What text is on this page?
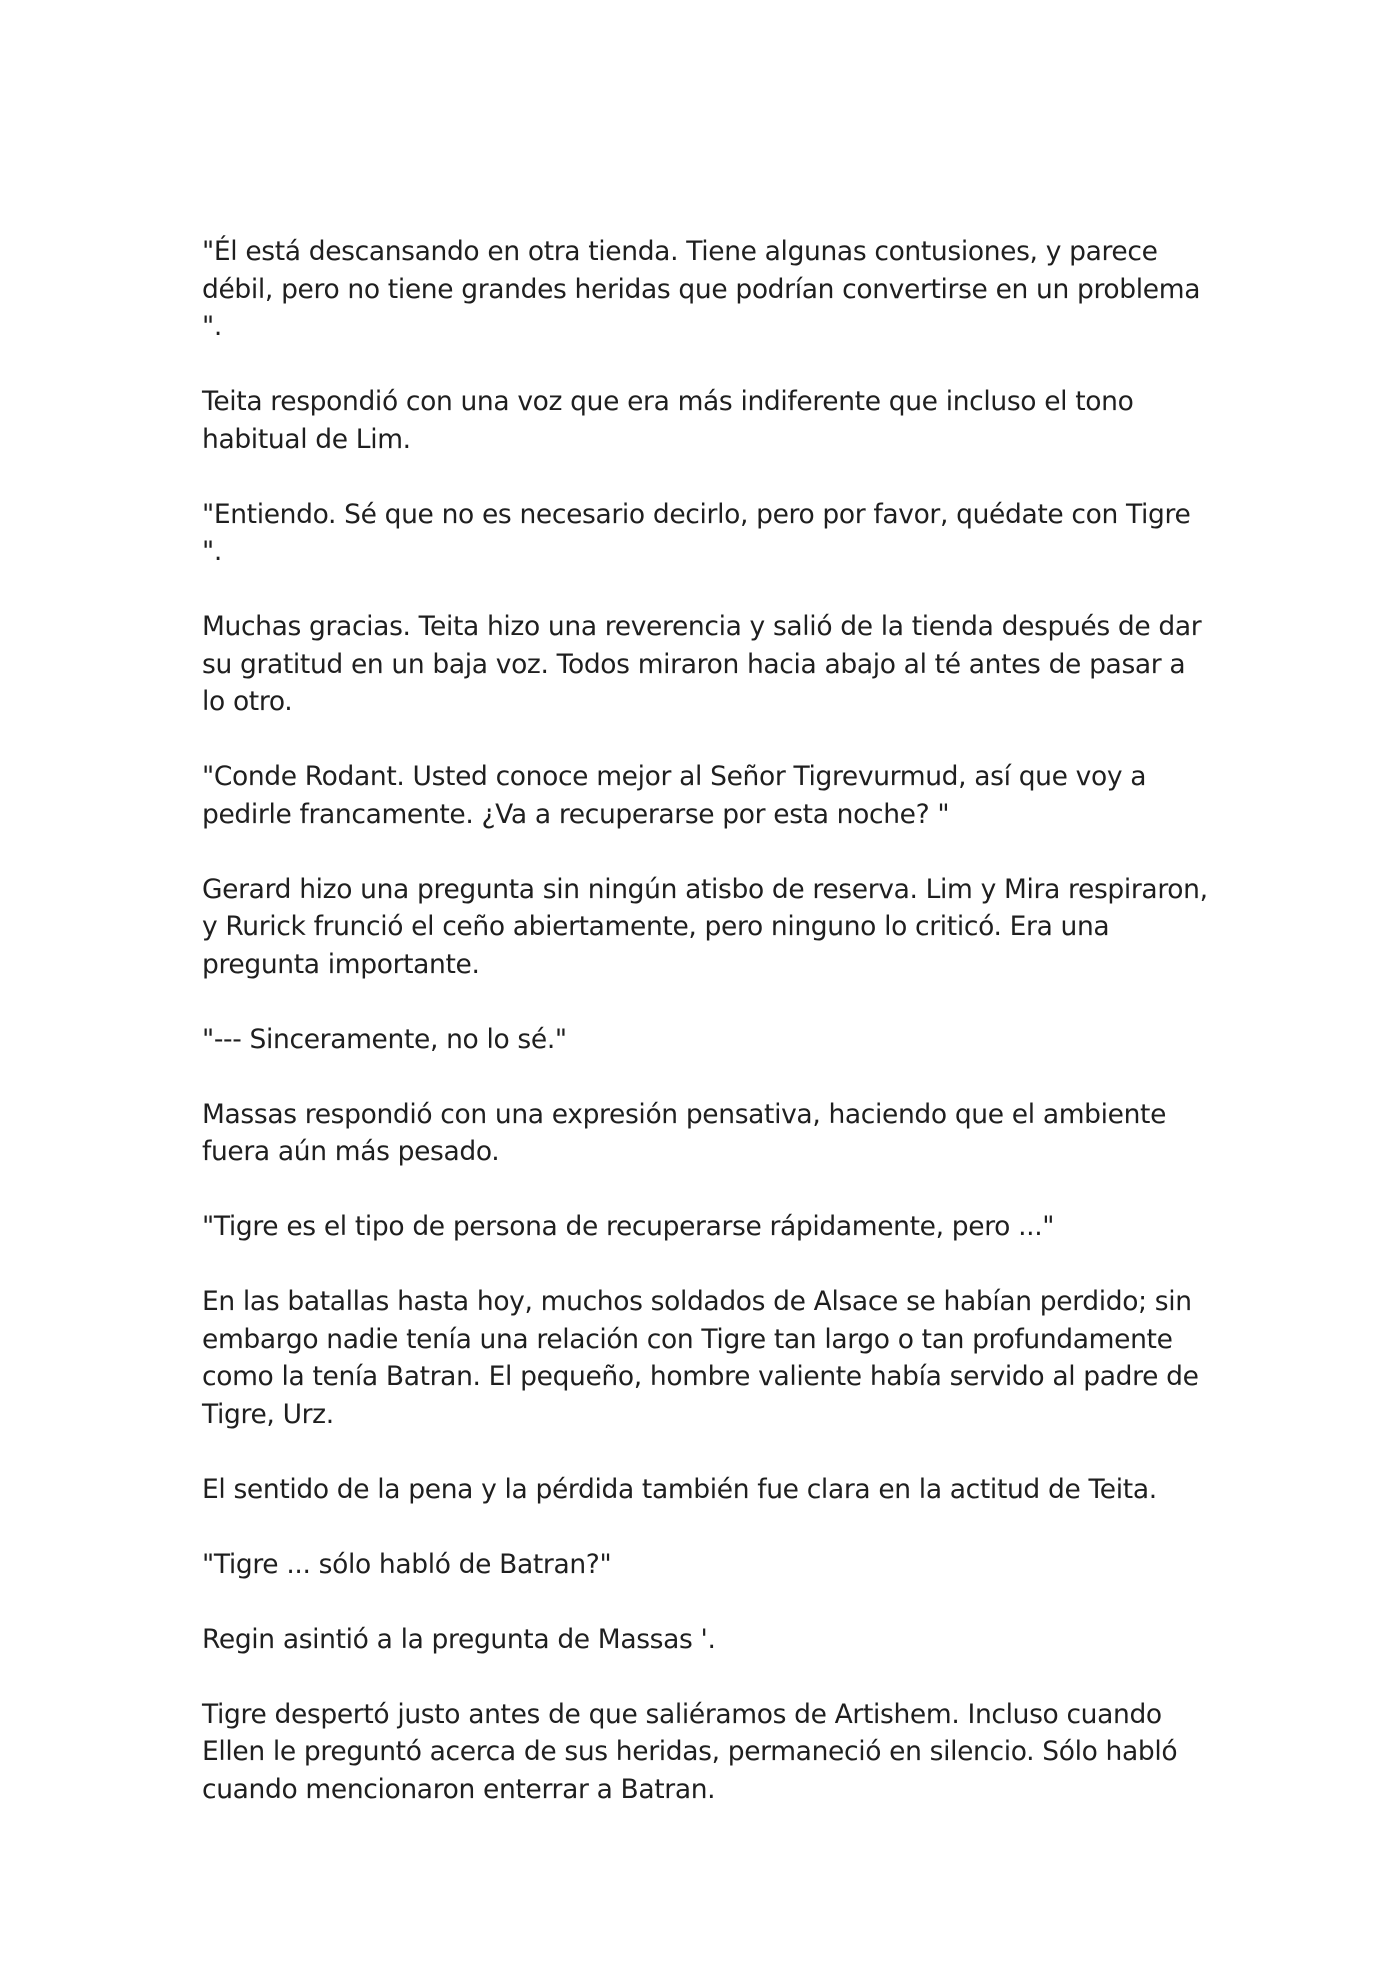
"Él está descansando en otra tienda. Tiene algunas contusiones, y parece débil, pero no tiene grandes heridas que podrían convertirse en un problema ".

Teita respondió con una voz que era más indiferente que incluso el tono habitual de Lim.

"Entiendo. Sé que no es necesario decirlo, pero por favor, quédate con Tigre ".

Muchas gracias. Teita hizo una reverencia y salió de la tienda después de dar su gratitud en un baja voz. Todos miraron hacia abajo al té antes de pasar a lo otro.

"Conde Rodant. Usted conoce mejor al Señor Tigrevurmud, así que voy a pedirle francamente. ¿Va a recuperarse por esta noche? "

Gerard hizo una pregunta sin ningún atisbo de reserva. Lim y Mira respiraron, y Rurick frunció el ceño abiertamente, pero ninguno lo criticó. Era una pregunta importante.

"--- Sinceramente, no lo sé."

Massas respondió con una expresión pensativa, haciendo que el ambiente fuera aún más pesado.

"Tigre es el tipo de persona de recuperarse rápidamente, pero ..."

En las batallas hasta hoy, muchos soldados de Alsace se habían perdido; sin embargo nadie tenía una relación con Tigre tan largo o tan profundamente como la tenía Batran. El pequeño, hombre valiente había servido al padre de Tigre, Urz.

El sentido de la pena y la pérdida también fue clara en la actitud de Teita.

"Tigre ... sólo habló de Batran?"

Regin asintió a la pregunta de Massas '.

Tigre despertó justo antes de que saliéramos de Artishem. Incluso cuando Ellen le preguntó acerca de sus heridas, permaneció en silencio. Sólo habló cuando mencionaron enterrar a Batran.
